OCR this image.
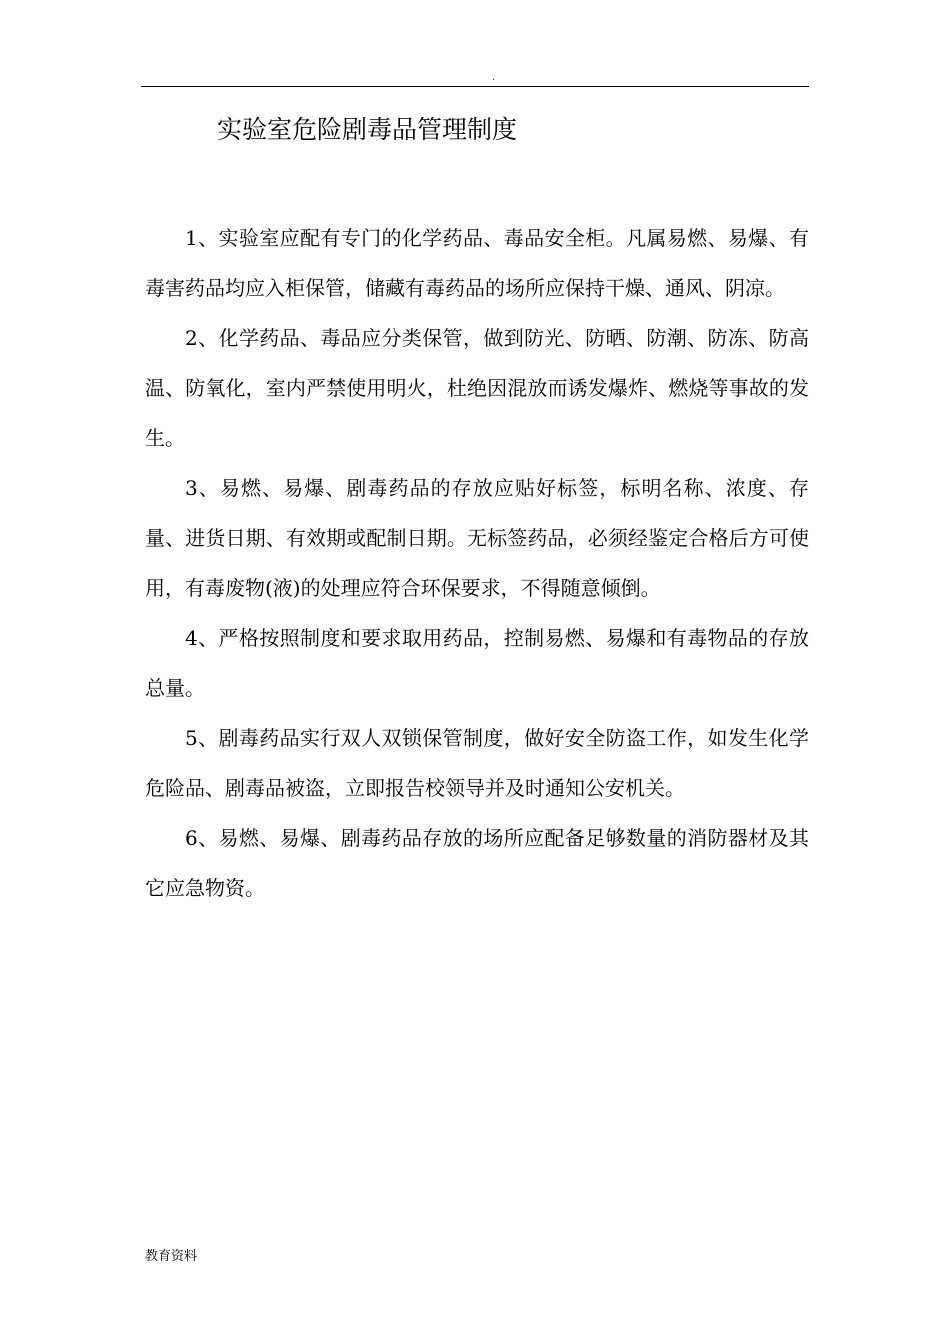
.
实验室危险剧毒品管理制度

1、实验室应配有专门的化学药品、毒品安全柜。凡属易燃、易爆、有毒害药品均应入柜保管，储藏有毒药品的场所应保持干燥、通风、阴凉。

2、化学药品、毒品应分类保管，做到防光、防晒、防潮、防冻、防高温、防氧化，室内严禁使用明火，杜绝因混放而诱发爆炸、燃烧等事故的发生。

3、易燃、易爆、剧毒药品的存放应贴好标签，标明名称、浓度、存量、进货日期、有效期或配制日期。无标签药品，必须经鉴定合格后方可使用，有毒废物(液)的处理应符合环保要求，不得随意倾倒。

4、严格按照制度和要求取用药品，控制易燃、易爆和有毒物品的存放总量。

5、剧毒药品实行双人双锁保管制度，做好安全防盗工作，如发生化学危险品、剧毒品被盗，立即报告校领导并及时通知公安机关。

6、易燃、易爆、剧毒药品存放的场所应配备足够数量的消防器材及其它应急物资。

教育资料
